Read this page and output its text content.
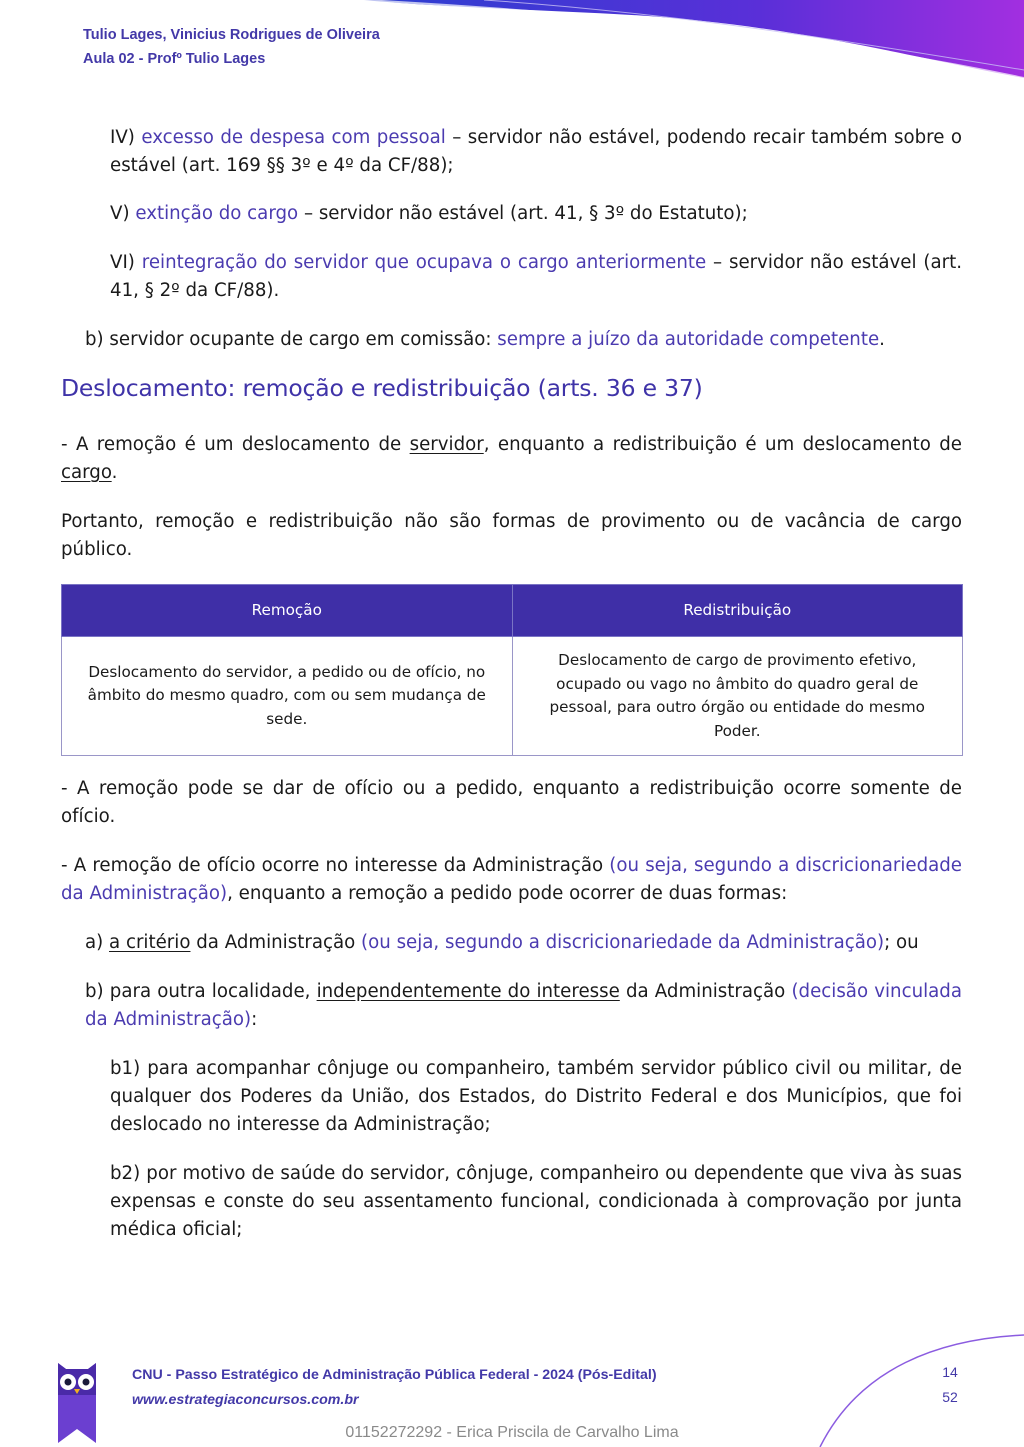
Tulio Lages, Vinicius Rodrigues de Oliveira
Aula 02 - Profº Tulio Lages

IV) excesso de despesa com pessoal – servidor não estável, podendo recair também sobre o estável (art. 169 §§ 3º e 4º da CF/88);

V) extinção do cargo – servidor não estável (art. 41, § 3º do Estatuto);

VI) reintegração do servidor que ocupava o cargo anteriormente – servidor não estável (art. 41, § 2º da CF/88).

b) servidor ocupante de cargo em comissão: sempre a juízo da autoridade competente.

Deslocamento: remoção e redistribuição (arts. 36 e 37)

- A remoção é um deslocamento de servidor, enquanto a redistribuição é um deslocamento de cargo.

Portanto, remoção e redistribuição não são formas de provimento ou de vacância de cargo público.

Remoção	Redistribuição
Deslocamento do servidor, a pedido ou de ofício, no âmbito do mesmo quadro, com ou sem mudança de sede.	Deslocamento de cargo de provimento efetivo, ocupado ou vago no âmbito do quadro geral de pessoal, para outro órgão ou entidade do mesmo Poder.

- A remoção pode se dar de ofício ou a pedido, enquanto a redistribuição ocorre somente de ofício.

- A remoção de ofício ocorre no interesse da Administração (ou seja, segundo a discricionariedade da Administração), enquanto a remoção a pedido pode ocorrer de duas formas:

a) a critério da Administração (ou seja, segundo a discricionariedade da Administração); ou

b) para outra localidade, independentemente do interesse da Administração (decisão vinculada da Administração):

b1) para acompanhar cônjuge ou companheiro, também servidor público civil ou militar, de qualquer dos Poderes da União, dos Estados, do Distrito Federal e dos Municípios, que foi deslocado no interesse da Administração;

b2) por motivo de saúde do servidor, cônjuge, companheiro ou dependente que viva às suas expensas e conste do seu assentamento funcional, condicionada à comprovação por junta médica oficial;

CNU - Passo Estratégico de Administração Pública Federal - 2024 (Pós-Edital)
www.estrategiaconcursos.com.br
14
52
01152272292 - Erica Priscila de Carvalho Lima
